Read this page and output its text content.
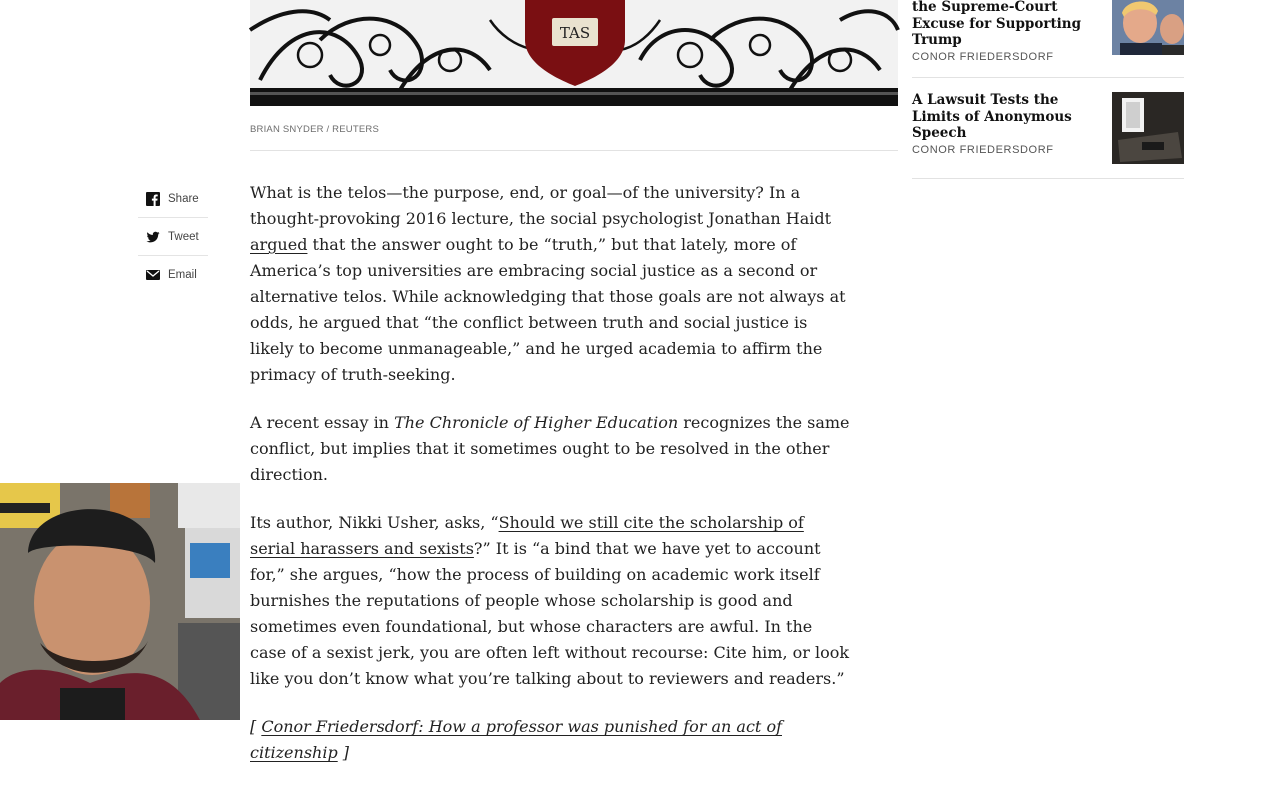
TAS
BRIAN SNYDER / REUTERS
Share
Tweet
Email

What is the telos—the purpose, end, or goal—of the university? In a thought-provoking 2016 lecture, the social psychologist Jonathan Haidt argued that the answer ought to be “truth,” but that lately, more of America’s top universities are embracing social justice as a second or alternative telos. While acknowledging that those goals are not always at odds, he argued that “the conflict between truth and social justice is likely to become unmanageable,” and he urged academia to affirm the primacy of truth-seeking.

A recent essay in The Chronicle of Higher Education recognizes the same conflict, but implies that it sometimes ought to be resolved in the other direction.

Its author, Nikki Usher, asks, “Should we still cite the scholarship of serial harassers and sexists?” It is “a bind that we have yet to account for,” she argues, “how the process of building on academic work itself burnishes the reputations of people whose scholarship is good and sometimes even foundational, but whose characters are awful. In the case of a sexist jerk, you are often left without recourse: Cite him, or look like you don’t know what you’re talking about to reviewers and readers.”

[ Conor Friedersdorf: How a professor was punished for an act of citizenship ]

the Supreme-Court Excuse for Supporting Trump
CONOR FRIEDERSDORF
A Lawsuit Tests the Limits of Anonymous Speech
CONOR FRIEDERSDORF
